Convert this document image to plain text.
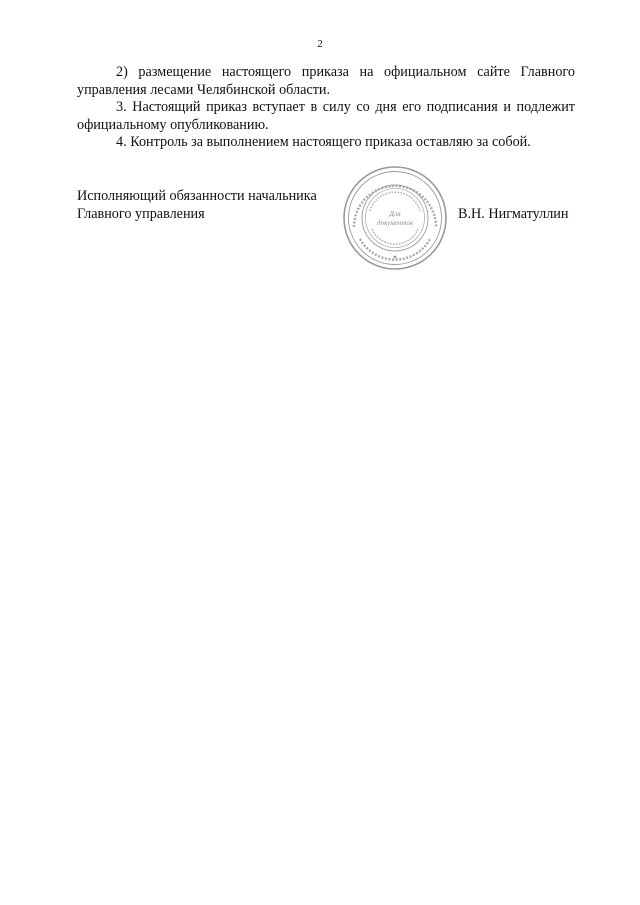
2

2) размещение настоящего приказа на официальном сайте Главного управления лесами Челябинской области.

3. Настоящий приказ вступает в силу со дня его подписания и подлежит официальному опубликованию.

4. Контроль за выполнением настоящего приказа оставляю за собой.

Исполняющий обязанности начальника
Главного управления	Для
документов
В.Н. Нигматуллин
